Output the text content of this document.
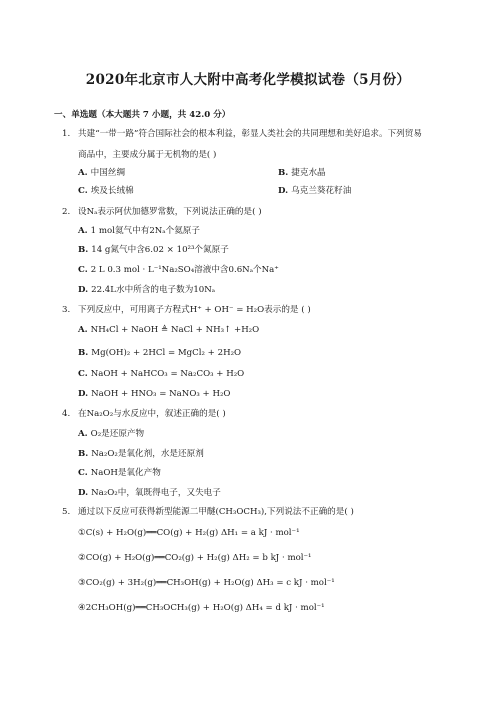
2020年北京市人大附中高考化学模拟试卷（5月份）
一、单选题（本大题共 7 小题，共 42.0 分）
1. 共建“一带一路”符合国际社会的根本利益，彰显人类社会的共同理想和美好追求。下列贸易
商品中，主要成分属于无机物的是( )
A. 中国丝绸	B. 捷克水晶
C. 埃及长绒棉	D. 乌克兰葵花籽油
2. 设Nₐ表示阿伏加德罗常数，下列说法正确的是( )
A. 1 mol氦气中有2Nₐ个氦原子
B. 14 g氮气中含6.02 × 10²³个氮原子
C. 2 L 0.3 mol · L⁻¹Na₂SO₄溶液中含0.6Nₐ个Na⁺
D. 22.4L水中所含的电子数为10Nₐ
3. 下列反应中，可用离子方程式H⁺ + OH⁻ = H₂O表示的是 ( )
A. NH₄Cl + NaOH ≜ NaCl + NH₃↑ +H₂O
B. Mg(OH)₂ + 2HCl = MgCl₂ + 2H₂O
C. NaOH + NaHCO₃ = Na₂CO₃ + H₂O
D. NaOH + HNO₃ = NaNO₃ + H₂O
4. 在Na₂O₂与水反应中，叙述正确的是( )
A. O₂是还原产物
B. Na₂O₂是氧化剂，水是还原剂
C. NaOH是氧化产物
D. Na₂O₂中，氧既得电子，又失电子
5. 通过以下反应可获得新型能源二甲醚(CH₃OCH₃),下列说法不正确的是( )
①C(s) + H₂O(g)══CO(g) + H₂(g) ΔH₁ = a kJ · mol⁻¹
②CO(g) + H₂O(g)══CO₂(g) + H₂(g) ΔH₂ = b kJ · mol⁻¹
③CO₂(g) + 3H₂(g)══CH₃OH(g) + H₂O(g) ΔH₃ = c kJ · mol⁻¹
④2CH₃OH(g)══CH₃OCH₃(g) + H₂O(g) ΔH₄ = d kJ · mol⁻¹
